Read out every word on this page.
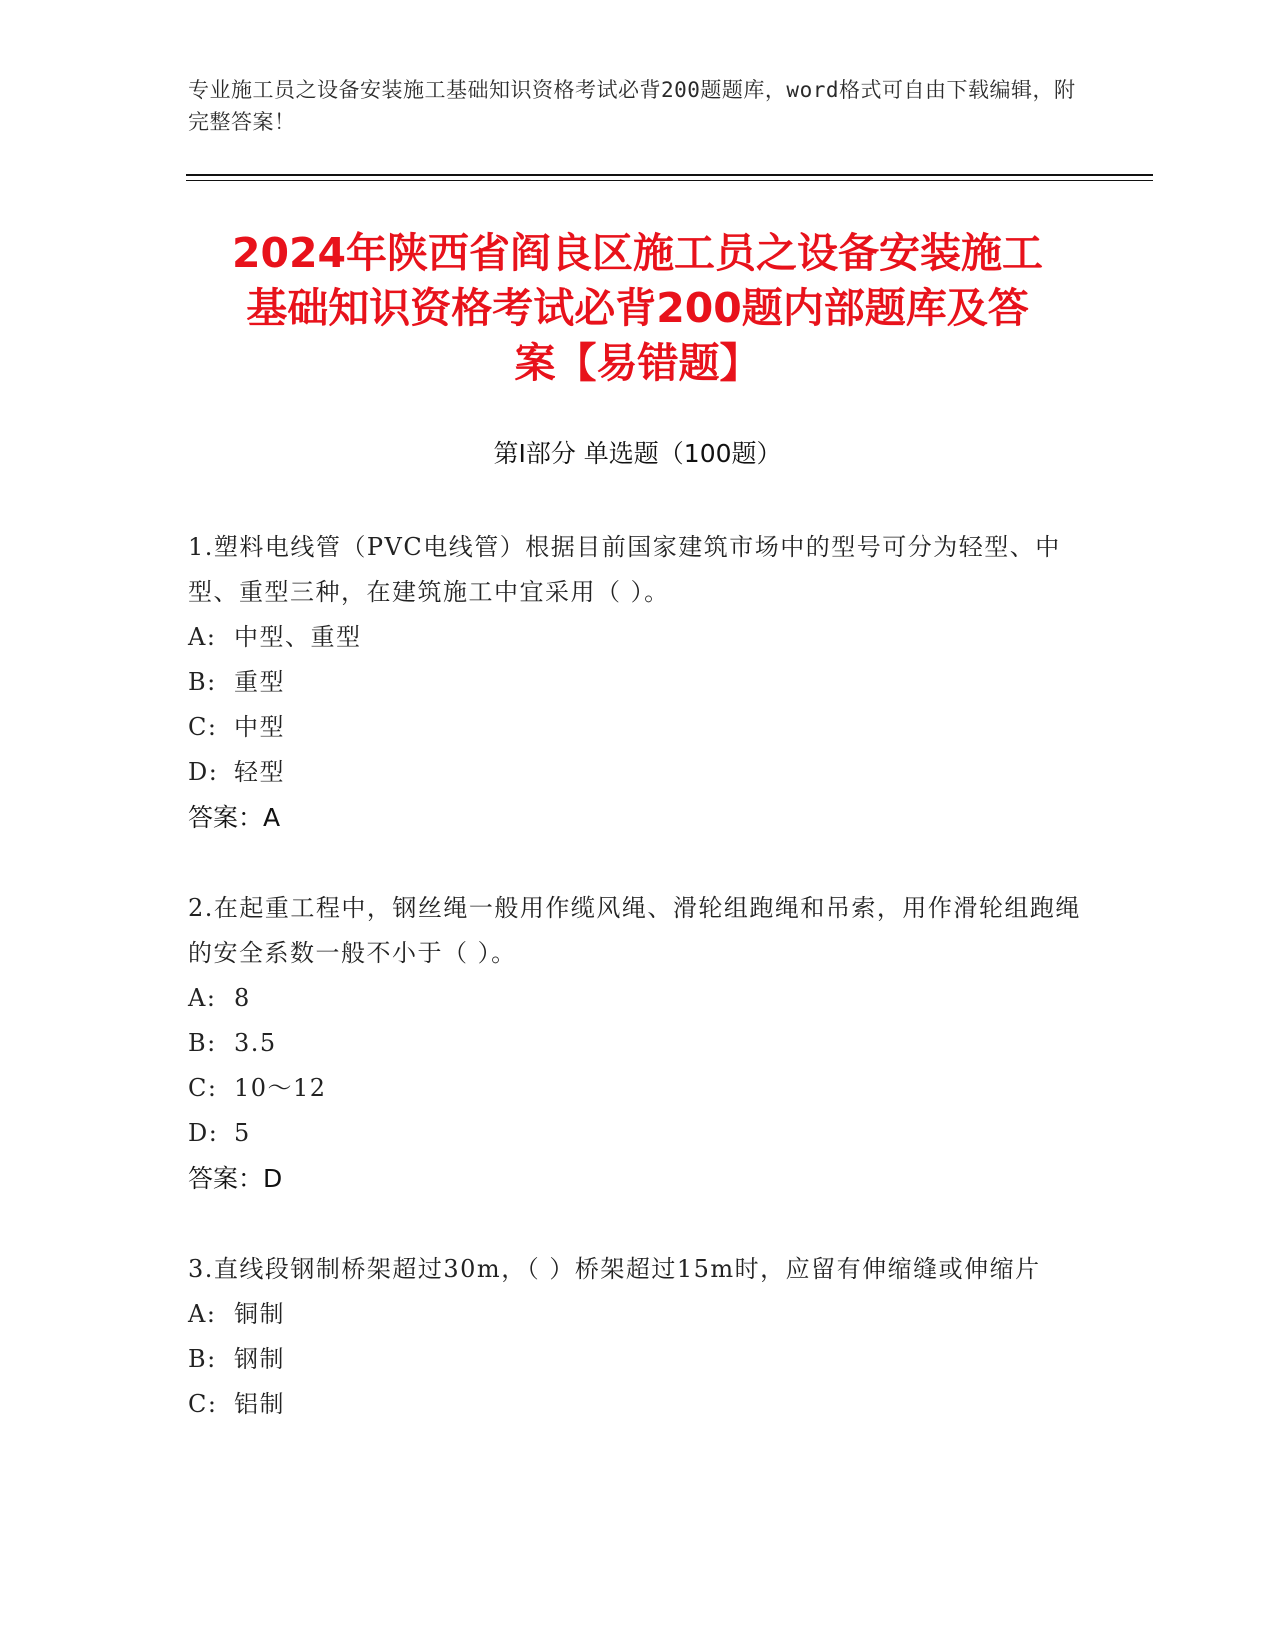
专业施工员之设备安装施工基础知识资格考试必背200题题库，word格式可自由下载编辑，附完整答案！
2024年陕西省阎良区施工员之设备安装施工
基础知识资格考试必背200题内部题库及答
案【易错题】
第Ⅰ部分 单选题（100题）

1.塑料电线管（PVC电线管）根据目前国家建筑市场中的型号可分为轻型、中型、重型三种，在建筑施工中宜采用（ ）。

A: 中型、重型

B: 重型

C: 中型

D: 轻型

答案：A

2.在起重工程中，钢丝绳一般用作缆风绳、滑轮组跑绳和吊索，用作滑轮组跑绳的安全系数一般不小于（ ）。

A: 8

B: 3.5

C: 10～12

D: 5

答案：D

3.直线段钢制桥架超过30m，（ ）桥架超过15m时，应留有伸缩缝或伸缩片

A: 铜制

B: 钢制

C: 铝制
